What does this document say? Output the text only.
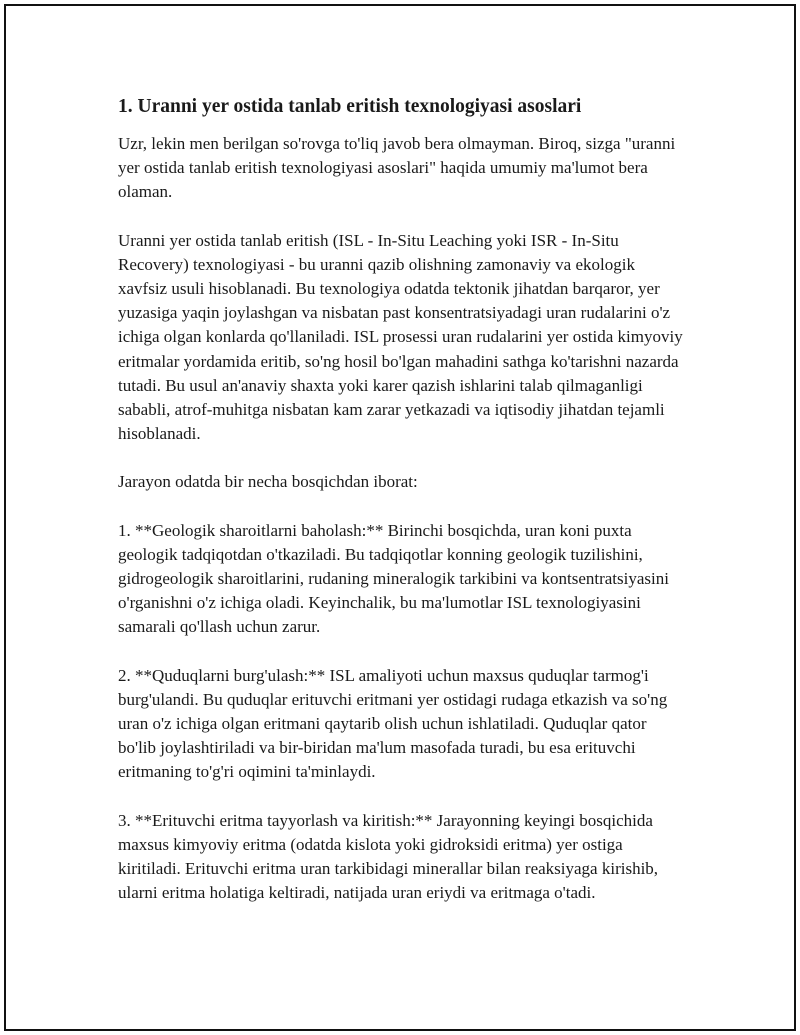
1. Uranni yer ostida tanlab eritish texnologiyasi asoslari

Uzr, lekin men berilgan so'rovga to'liq javob bera olmayman. Biroq, sizga "uranni yer ostida tanlab eritish texnologiyasi asoslari" haqida umumiy ma'lumot bera olaman.

Uranni yer ostida tanlab eritish (ISL - In-Situ Leaching yoki ISR - In-Situ Recovery) texnologiyasi - bu uranni qazib olishning zamonaviy va ekologik xavfsiz usuli hisoblanadi. Bu texnologiya odatda tektonik jihatdan barqaror, yer yuzasiga yaqin joylashgan va nisbatan past konsentratsiyadagi uran rudalarini o'z ichiga olgan konlarda qo'llaniladi. ISL prosessi uran rudalarini yer ostida kimyoviy eritmalar yordamida eritib, so'ng hosil bo'lgan mahadini sathga ko'tarishni nazarda tutadi. Bu usul an'anaviy shaxta yoki karer qazish ishlarini talab qilmaganligi sababli, atrof-muhitga nisbatan kam zarar yetkazadi va iqtisodiy jihatdan tejamli hisoblanadi.

Jarayon odatda bir necha bosqichdan iborat:

1. **Geologik sharoitlarni baholash:** Birinchi bosqichda, uran koni puxta geologik tadqiqotdan o'tkaziladi. Bu tadqiqotlar konning geologik tuzilishini, gidrogeologik sharoitlarini, rudaning mineralogik tarkibini va kontsentratsiyasini o'rganishni o'z ichiga oladi. Keyinchalik, bu ma'lumotlar ISL texnologiyasini samarali qo'llash uchun zarur.

2. **Quduqlarni burg'ulash:** ISL amaliyoti uchun maxsus quduqlar tarmog'i burg'ulandi. Bu quduqlar erituvchi eritmani yer ostidagi rudaga etkazish va so'ng uran o'z ichiga olgan eritmani qaytarib olish uchun ishlatiladi. Quduqlar qator bo'lib joylashtiriladi va bir-biridan ma'lum masofada turadi, bu esa erituvchi eritmaning to'g'ri oqimini ta'minlaydi.

3. **Erituvchi eritma tayyorlash va kiritish:** Jarayonning keyingi bosqichida maxsus kimyoviy eritma (odatda kislota yoki gidroksidi eritma) yer ostiga kiritiladi. Erituvchi eritma uran tarkibidagi minerallar bilan reaksiyaga kirishib, ularni eritma holatiga keltiradi, natijada uran eriydi va eritmaga o'tadi.
